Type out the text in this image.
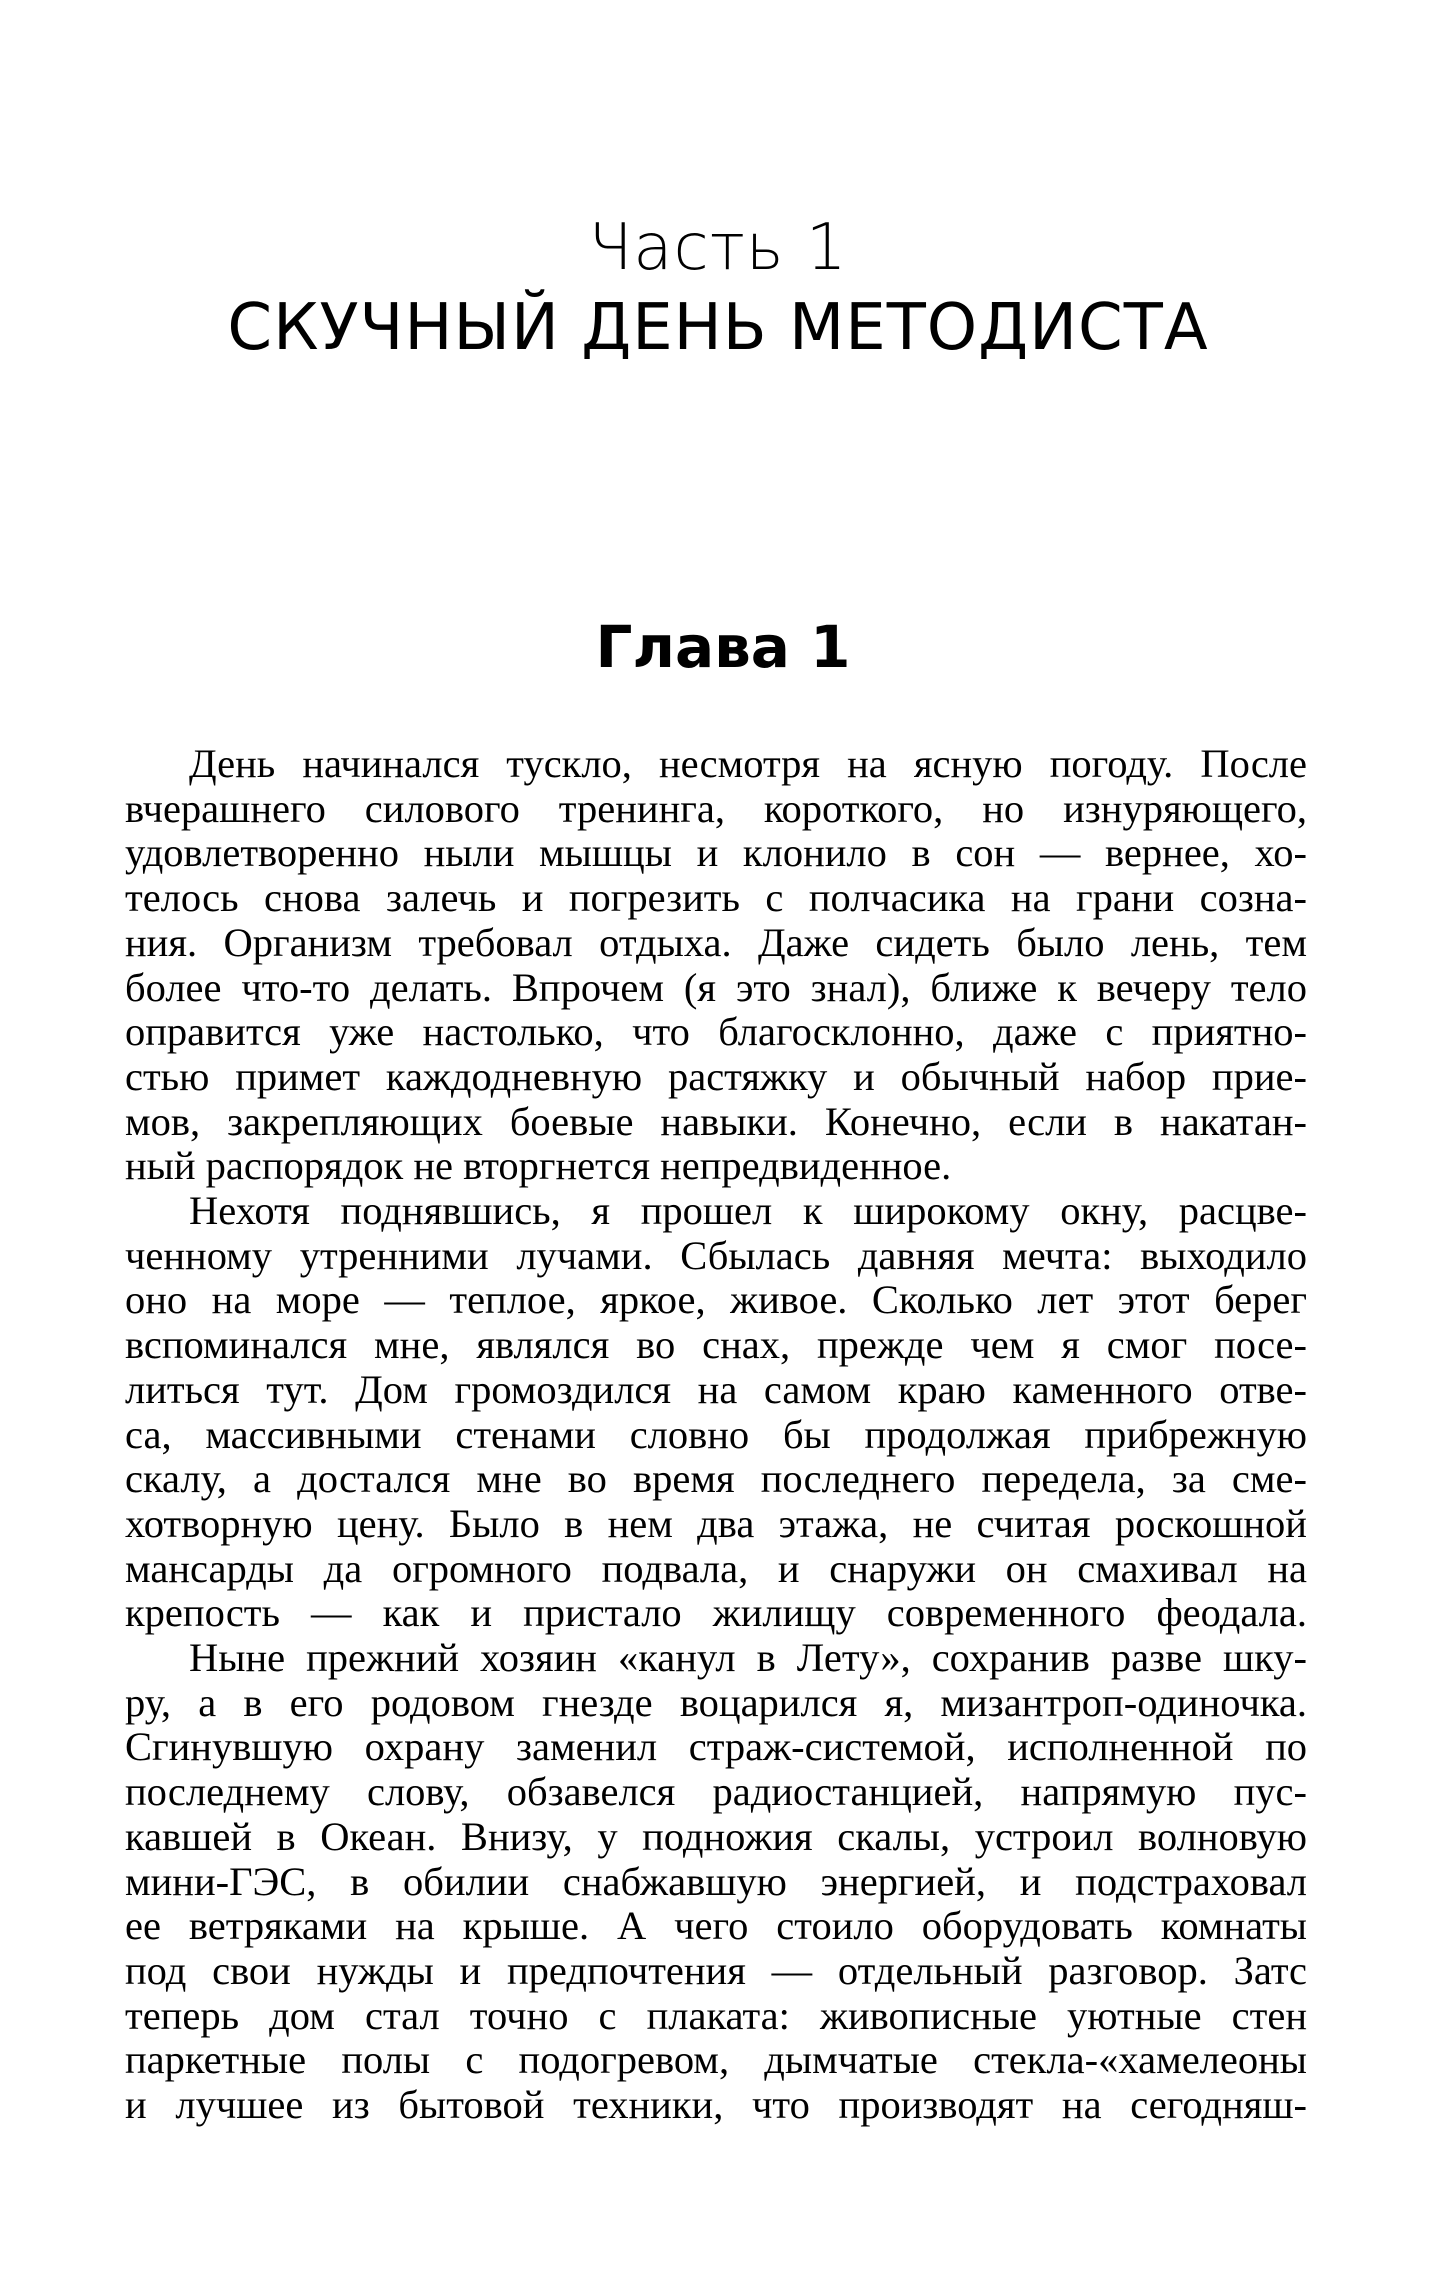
Часть 1
СКУЧНЫЙ ДЕНЬ МЕТОДИСТА
Глава 1
День начинался тускло, несмотря на ясную погоду. После
вчерашнего силового тренинга, короткого, но изнуряющего,
удовлетворенно ныли мышцы и клонило в сон — вернее, хо-
телось снова залечь и погрезить с полчасика на грани созна-
ния. Организм требовал отдыха. Даже сидеть было лень, тем
более что-то делать. Впрочем (я это знал), ближе к вечеру тело
оправится уже настолько, что благосклонно, даже с приятно-
стью примет каждодневную растяжку и обычный набор прие-
мов, закрепляющих боевые навыки. Конечно, если в накатан-
ный распорядок не вторгнется непредвиденное.
Нехотя поднявшись, я прошел к широкому окну, расцве-
ченному утренними лучами. Сбылась давняя мечта: выходило
оно на море — теплое, яркое, живое. Сколько лет этот берег
вспоминался мне, являлся во снах, прежде чем я смог посе-
литься тут. Дом громоздился на самом краю каменного отве-
са, массивными стенами словно бы продолжая прибрежную
скалу, а достался мне во время последнего передела, за сме-
хотворную цену. Было в нем два этажа, не считая роскошной
мансарды да огромного подвала, и снаружи он смахивал на
крепость — как и пристало жилищу современного феодала.
Ныне прежний хозяин «канул в Лету», сохранив разве шку-
ру, а в его родовом гнезде воцарился я, мизантроп-одиночка.
Сгинувшую охрану заменил страж-системой, исполненной по
последнему слову, обзавелся радиостанцией, напрямую пус-
кавшей в Океан. Внизу, у подножия скалы, устроил волновую
мини-ГЭС, в обилии снабжавшую энергией, и подстраховал
ее ветряками на крыше. А чего стоило оборудовать комнаты
под свои нужды и предпочтения — отдельный разговор. Затс
теперь дом стал точно с плаката: живописные уютные стен
паркетные полы с подогревом, дымчатые стекла-«хамелеоны
и лучшее из бытовой техники, что производят на сегодняш-
